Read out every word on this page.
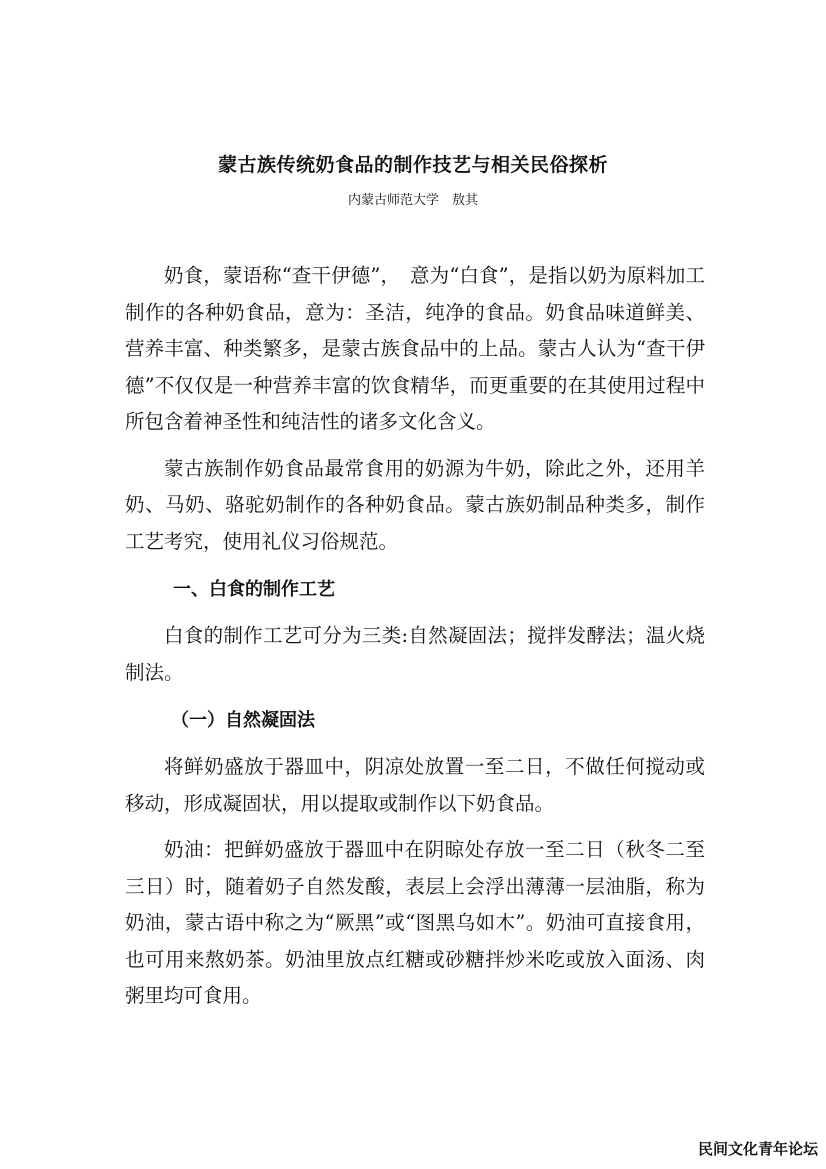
蒙古族传统奶食品的制作技艺与相关民俗探析
内蒙古师范大学　敖其

奶食，蒙语称“查干伊德”，　意为“白食”，是指以奶为原料加工制作的各种奶食品，意为：圣洁，纯净的食品。奶食品味道鲜美、营养丰富、种类繁多，是蒙古族食品中的上品。蒙古人认为“查干伊德”不仅仅是一种营养丰富的饮食精华，而更重要的在其使用过程中所包含着神圣性和纯洁性的诸多文化含义。

蒙古族制作奶食品最常食用的奶源为牛奶，除此之外，还用羊奶、马奶、骆驼奶制作的各种奶食品。蒙古族奶制品种类多，制作工艺考究，使用礼仪习俗规范。

一、白食的制作工艺

白食的制作工艺可分为三类:自然凝固法；搅拌发酵法；温火烧制法。

（一）自然凝固法

将鲜奶盛放于器皿中，阴凉处放置一至二日，不做任何搅动或移动，形成凝固状，用以提取或制作以下奶食品。

奶油：把鲜奶盛放于器皿中在阴晾处存放一至二日（秋冬二至三日）时，随着奶子自然发酸，表层上会浮出薄薄一层油脂，称为奶油，蒙古语中称之为“厥黑”或“图黑乌如木”。奶油可直接食用，也可用来熬奶茶。奶油里放点红糖或砂糖拌炒米吃或放入面汤、肉粥里均可食用。

民间文化青年论坛
